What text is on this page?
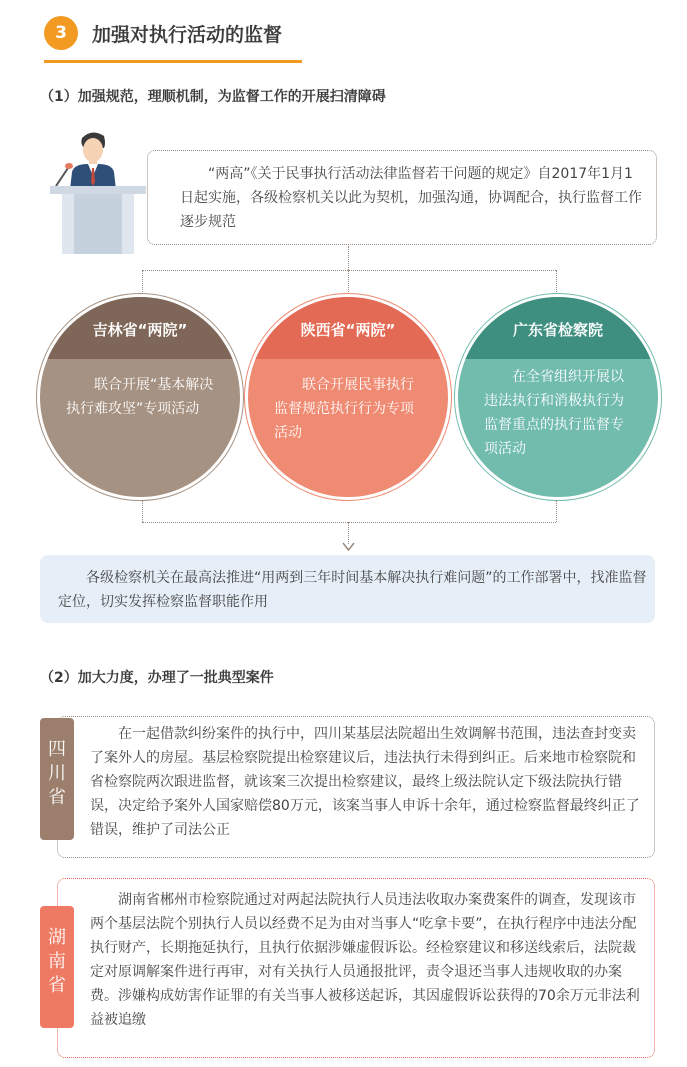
3	加强对执行活动的监督
（1）加强规范，理顺机制，为监督工作的开展扫清障碍
“两高”《关于民事执行活动法律监督若干问题的规定》自2017年1月1日起实施，各级检察机关以此为契机，加强沟通，协调配合，执行监督工作逐步规范
吉林省“两院”
联合开展“基本解决执行难攻坚”专项活动
陕西省“两院”
联合开展民事执行监督规范执行行为专项活动
广东省检察院
在全省组织开展以违法执行和消极执行为监督重点的执行监督专项活动
各级检察机关在最高法推进“用两到三年时间基本解决执行难问题”的工作部署中，找准监督定位，切实发挥检察监督职能作用
（2）加大力度，办理了一批典型案件
四川省
在一起借款纠纷案件的执行中，四川某基层法院超出生效调解书范围，违法查封变卖了案外人的房屋。基层检察院提出检察建议后，违法执行未得到纠正。后来地市检察院和省检察院两次跟进监督，就该案三次提出检察建议，最终上级法院认定下级法院执行错误，决定给予案外人国家赔偿80万元，该案当事人申诉十余年，通过检察监督最终纠正了错误，维护了司法公正
湖南省
湖南省郴州市检察院通过对两起法院执行人员违法收取办案费案件的调查，发现该市两个基层法院个别执行人员以经费不足为由对当事人“吃拿卡要”，在执行程序中违法分配执行财产，长期拖延执行，且执行依据涉嫌虚假诉讼。经检察建议和移送线索后，法院裁定对原调解案件进行再审，对有关执行人员通报批评，责令退还当事人违规收取的办案费。涉嫌构成妨害作证罪的有关当事人被移送起诉，其因虚假诉讼获得的70余万元非法利益被追缴
